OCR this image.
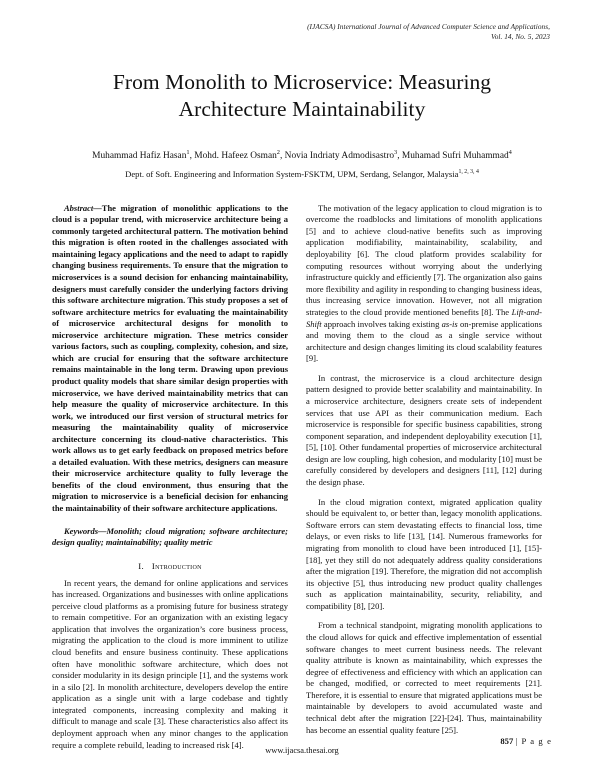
(IJACSA) International Journal of Advanced Computer Science and Applications,
Vol. 14, No. 5, 2023
From Monolith to Microservice: Measuring Architecture Maintainability
Muhammad Hafiz Hasan$^1$, Mohd. Hafeez Osman$^2$, Novia Indriaty Admodisastro$^3$, Muhamad Sufri Muhammad$^4$
Dept. of Soft. Engineering and Information System-FSKTM, UPM, Serdang, Selangor, Malaysia$^{1, 2, 3, 4}$

Abstract—The migration of monolithic applications to the cloud is a popular trend, with microservice architecture being a commonly targeted architectural pattern. The motivation behind this migration is often rooted in the challenges associated with maintaining legacy applications and the need to adapt to rapidly changing business requirements. To ensure that the migration to microservices is a sound decision for enhancing maintainability, designers must carefully consider the underlying factors driving this software architecture migration. This study proposes a set of software architecture metrics for evaluating the maintainability of microservice architectural designs for monolith to microservice architecture migration. These metrics consider various factors, such as coupling, complexity, cohesion, and size, which are crucial for ensuring that the software architecture remains maintainable in the long term. Drawing upon previous product quality models that share similar design properties with microservice, we have derived maintainability metrics that can help measure the quality of microservice architecture. In this work, we introduced our first version of structural metrics for measuring the maintainability quality of microservice architecture concerning its cloud-native characteristics. This work allows us to get early feedback on proposed metrics before a detailed evaluation. With these metrics, designers can measure their microservice architecture quality to fully leverage the benefits of the cloud environment, thus ensuring that the migration to microservice is a beneficial decision for enhancing the maintainability of their software architecture applications.

Keywords—Monolith; cloud migration; software architecture; design quality; maintainability; quality metric

I. Introduction

In recent years, the demand for online applications and services has increased. Organizations and businesses with online applications perceive cloud platforms as a promising future for business strategy to remain competitive. For an organization with an existing legacy application that involves the organization’s core business process, migrating the application to the cloud is more imminent to utilize cloud benefits and ensure business continuity. These applications often have monolithic software architecture, which does not consider modularity in its design principle [1], and the systems work in a silo [2]. In monolith architecture, developers develop the entire application as a single unit with a large codebase and tightly integrated components, increasing complexity and making it difficult to manage and scale [3]. These characteristics also affect its deployment approach when any minor changes to the application require a complete rebuild, leading to increased risk [4].

The motivation of the legacy application to cloud migration is to overcome the roadblocks and limitations of monolith applications [5] and to achieve cloud-native benefits such as improving application modifiability, maintainability, scalability, and deployability [6]. The cloud platform provides scalability for computing resources without worrying about the underlying infrastructure quickly and efficiently [7]. The organization also gains more flexibility and agility in responding to changing business ideas, thus increasing service innovation. However, not all migration strategies to the cloud provide mentioned benefits [8]. The Lift-and-Shift approach involves taking existing as-is on-premise applications and moving them to the cloud as a single service without architecture and design changes limiting its cloud scalability features [9].

In contrast, the microservice is a cloud architecture design pattern designed to provide better scalability and maintainability. In a microservice architecture, designers create sets of independent services that use API as their communication medium. Each microservice is responsible for specific business capabilities, strong component separation, and independent deployability execution [1], [5], [10]. Other fundamental properties of microservice architectural design are low coupling, high cohesion, and modularity [10] must be carefully considered by developers and designers [11], [12] during the design phase.

In the cloud migration context, migrated application quality should be equivalent to, or better than, legacy monolith applications. Software errors can stem devastating effects to financial loss, time delays, or even risks to life [13], [14]. Numerous frameworks for migrating from monolith to cloud have been introduced [1], [15]-[18], yet they still do not adequately address quality considerations after the migration [19]. Therefore, the migration did not accomplish its objective [5], thus introducing new product quality challenges such as application maintainability, security, reliability, and compatibility [8], [20].

From a technical standpoint, migrating monolith applications to the cloud allows for quick and effective implementation of essential software changes to meet current business needs. The relevant quality attribute is known as maintainability, which expresses the degree of effectiveness and efficiency with which an application can be changed, modified, or corrected to meet requirements [21]. Therefore, it is essential to ensure that migrated applications must be maintainable by developers to avoid accumulated waste and technical debt after the migration [22]-[24]. Thus, maintainability has become an essential quality feature [25].

857 | P a g e
www.ijacsa.thesai.org
